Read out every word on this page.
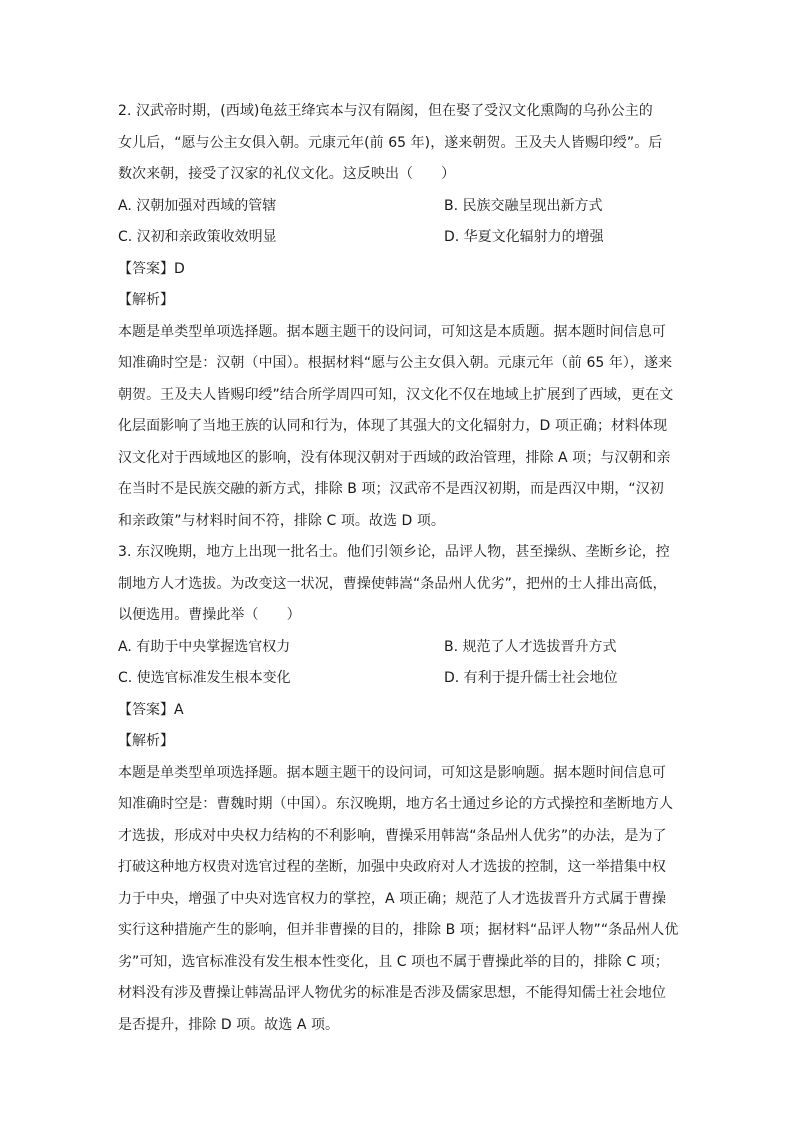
2. 汉武帝时期，(西域)龟兹王绛宾本与汉有隔阂，但在娶了受汉文化熏陶的乌孙公主的
女儿后，“愿与公主女俱入朝。元康元年(前 65 年)，遂来朝贺。王及夫人皆赐印绶”。后
数次来朝，接受了汉家的礼仪文化。这反映出（　　）
A. 汉朝加强对西域的管辖	B. 民族交融呈现出新方式
C. 汉初和亲政策收效明显	D. 华夏文化辐射力的增强
【答案】D
【解析】
本题是单类型单项选择题。据本题主题干的设问词，可知这是本质题。据本题时间信息可
知准确时空是：汉朝（中国）。根据材料“愿与公主女俱入朝。元康元年（前 65 年），遂来
朝贺。王及夫人皆赐印绶”结合所学周四可知，汉文化不仅在地域上扩展到了西域，更在文
化层面影响了当地王族的认同和行为，体现了其强大的文化辐射力，D 项正确；材料体现
汉文化对于西域地区的影响，没有体现汉朝对于西域的政治管理，排除 A 项；与汉朝和亲
在当时不是民族交融的新方式，排除 B 项；汉武帝不是西汉初期，而是西汉中期，“汉初
和亲政策”与材料时间不符，排除 C 项。故选 D 项。
3. 东汉晚期，地方上出现一批名士。他们引领乡论，品评人物，甚至操纵、垄断乡论，控
制地方人才选拔。为改变这一状况，曹操使韩嵩“条品州人优劣”，把州的士人排出高低，
以便选用。曹操此举（　　）
A. 有助于中央掌握选官权力	B. 规范了人才选拔晋升方式
C. 使选官标准发生根本变化	D. 有利于提升儒士社会地位
【答案】A
【解析】
本题是单类型单项选择题。据本题主题干的设问词，可知这是影响题。据本题时间信息可
知准确时空是：曹魏时期（中国）。东汉晚期，地方名士通过乡论的方式操控和垄断地方人
才选拔，形成对中央权力结构的不利影响，曹操采用韩嵩“条品州人优劣”的办法，是为了
打破这种地方权贵对选官过程的垄断，加强中央政府对人才选拔的控制，这一举措集中权
力于中央，增强了中央对选官权力的掌控，A 项正确；规范了人才选拔晋升方式属于曹操
实行这种措施产生的影响，但并非曹操的目的，排除 B 项；据材料“品评人物”“条品州人优
劣”可知，选官标准没有发生根本性变化，且 C 项也不属于曹操此举的目的，排除 C 项；
材料没有涉及曹操让韩嵩品评人物优劣的标准是否涉及儒家思想，不能得知儒士社会地位
是否提升，排除 D 项。故选 A 项。
